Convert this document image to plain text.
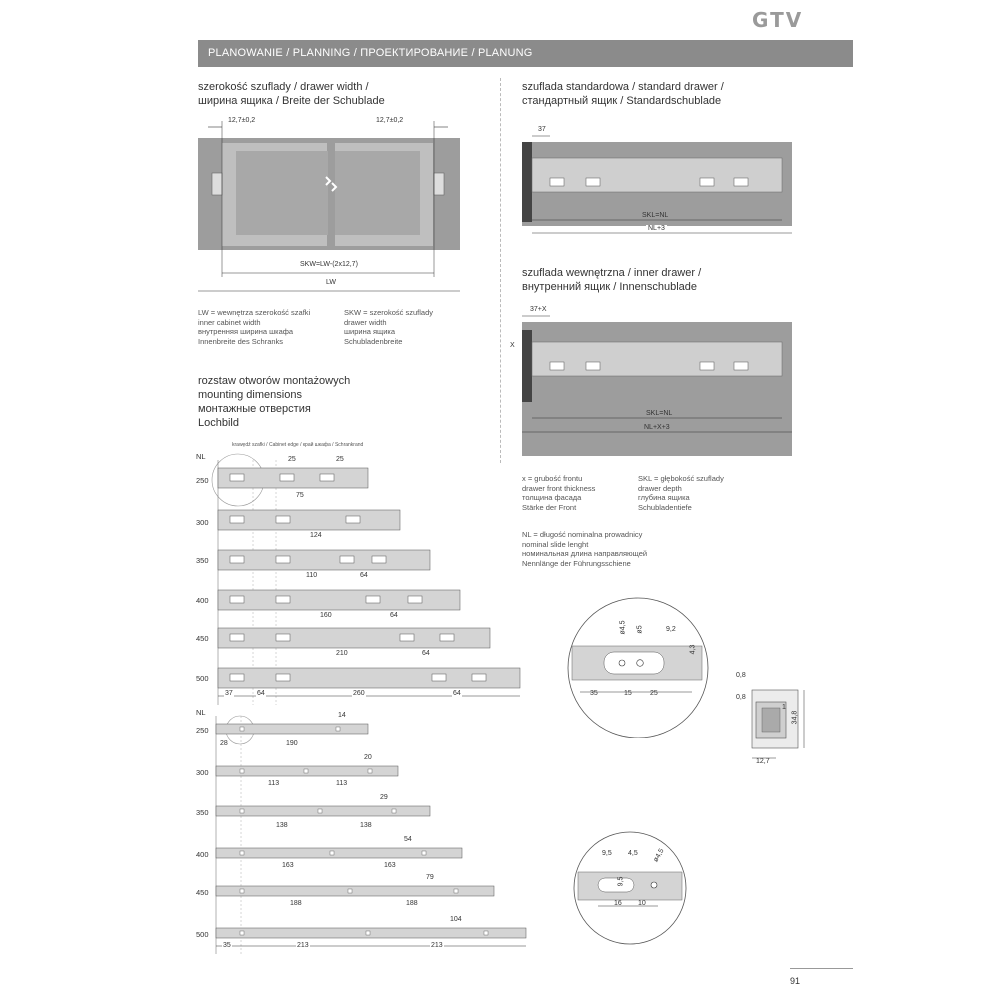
GTV
PLANOWANIE / PLANNING / ПРОЕКТИРОВАНИЕ / PLANUNG
szerokość szuflady / drawer width /
ширина ящика / Breite der Schublade
szuflada standardowa / standard drawer /
стандартный ящик / Standardschublade
szuflada wewnętrzna / inner drawer /
внутренний ящик / Innenschublade
rozstaw otworów montażowych
mounting dimensions
монтажные отверстия
Lochbild
12,7±0,2	12,7±0,2
SKW=LW-(2x12,7)
LW
LW = wewnętrza szerokość szafki
inner cabinet width
внутренняя ширина шкафа
Innenbreite des Schranks
SKW = szerokość szuflady
drawer width
ширина ящика
Schubladenbreite
37
SKL=NL
NL+3
37+X
X
SKL=NL
NL+X+3
x = grubość frontu
drawer front thickness
толщина фасада
Stärke der Front
SKL = głębokość szuflady
drawer depth
глубина ящика
Schubladentiefe
NL = długość nominalna prowadnicy
nominal slide lenght
номинальная длина направляющей
Nennlänge der Führungsschiene
krawędź szafki / Cabinet edge / край шкафа / Schrankrand
NL
250
25	25
75
300
124
350
110	64
400
160	64
450
210	64
500
37	64	260	64
NL
250
14
28	190
300
20
113	113
350
29
138	138
400
54
163	163
450
79
188	188
500
104
35	213	213
ø4,5 ø5	9,2
4,3
35	15	25
0,8
0,8
1
34,8
12,7
9,5 4,5 ø4,5
9,5
16 10
91
